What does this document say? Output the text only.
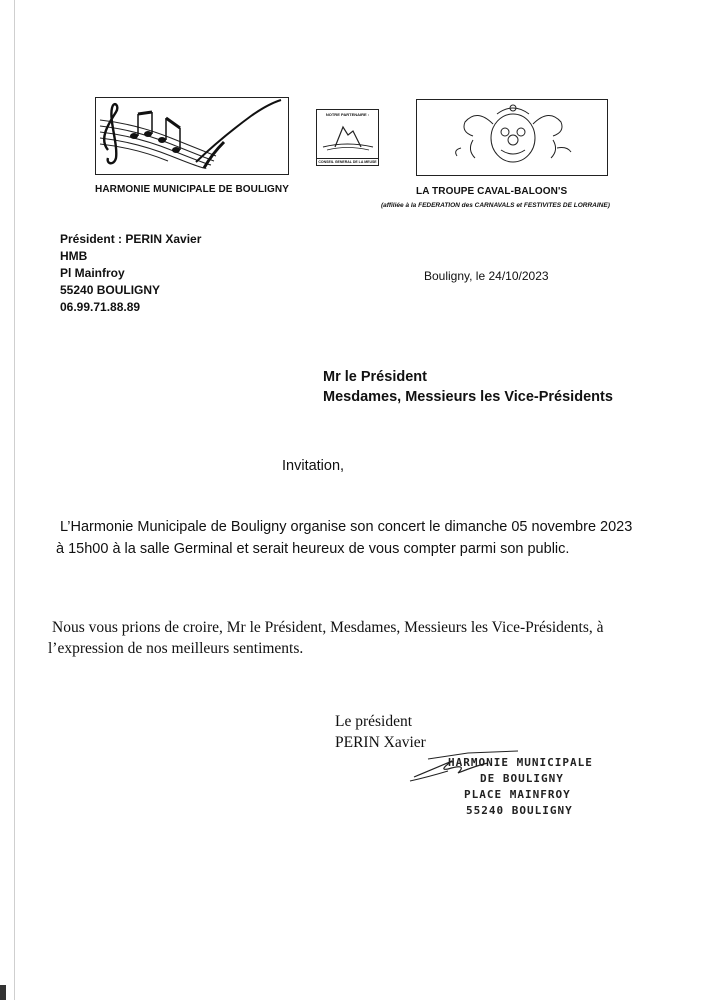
HARMONIE MUNICIPALE DE BOULIGNY
NOTRE PARTENAIRE :
CONSEIL GENERAL DE LA MEUSE
LA TROUPE CAVAL-BALOON'S
(affiliée à la FEDERATION des CARNAVALS et FESTIVITES DE LORRAINE)
Président : PERIN Xavier
HMB
Pl Mainfroy
55240 BOULIGNY
06.99.71.88.89
Bouligny, le 24/10/2023
Mr le Président
Mesdames, Messieurs les Vice-Présidents
Invitation,
L’Harmonie Municipale de Bouligny organise son concert le dimanche 05 novembre 2023
à 15h00 à la salle Germinal et serait heureux de vous compter parmi son public.
Nous vous prions de croire, Mr le Président, Mesdames, Messieurs les Vice-Présidents, à
l’expression de nos meilleurs sentiments.
Le président
PERIN Xavier
HARMONIE MUNICIPALE
DE BOULIGNY
PLACE MAINFROY
55240 BOULIGNY
